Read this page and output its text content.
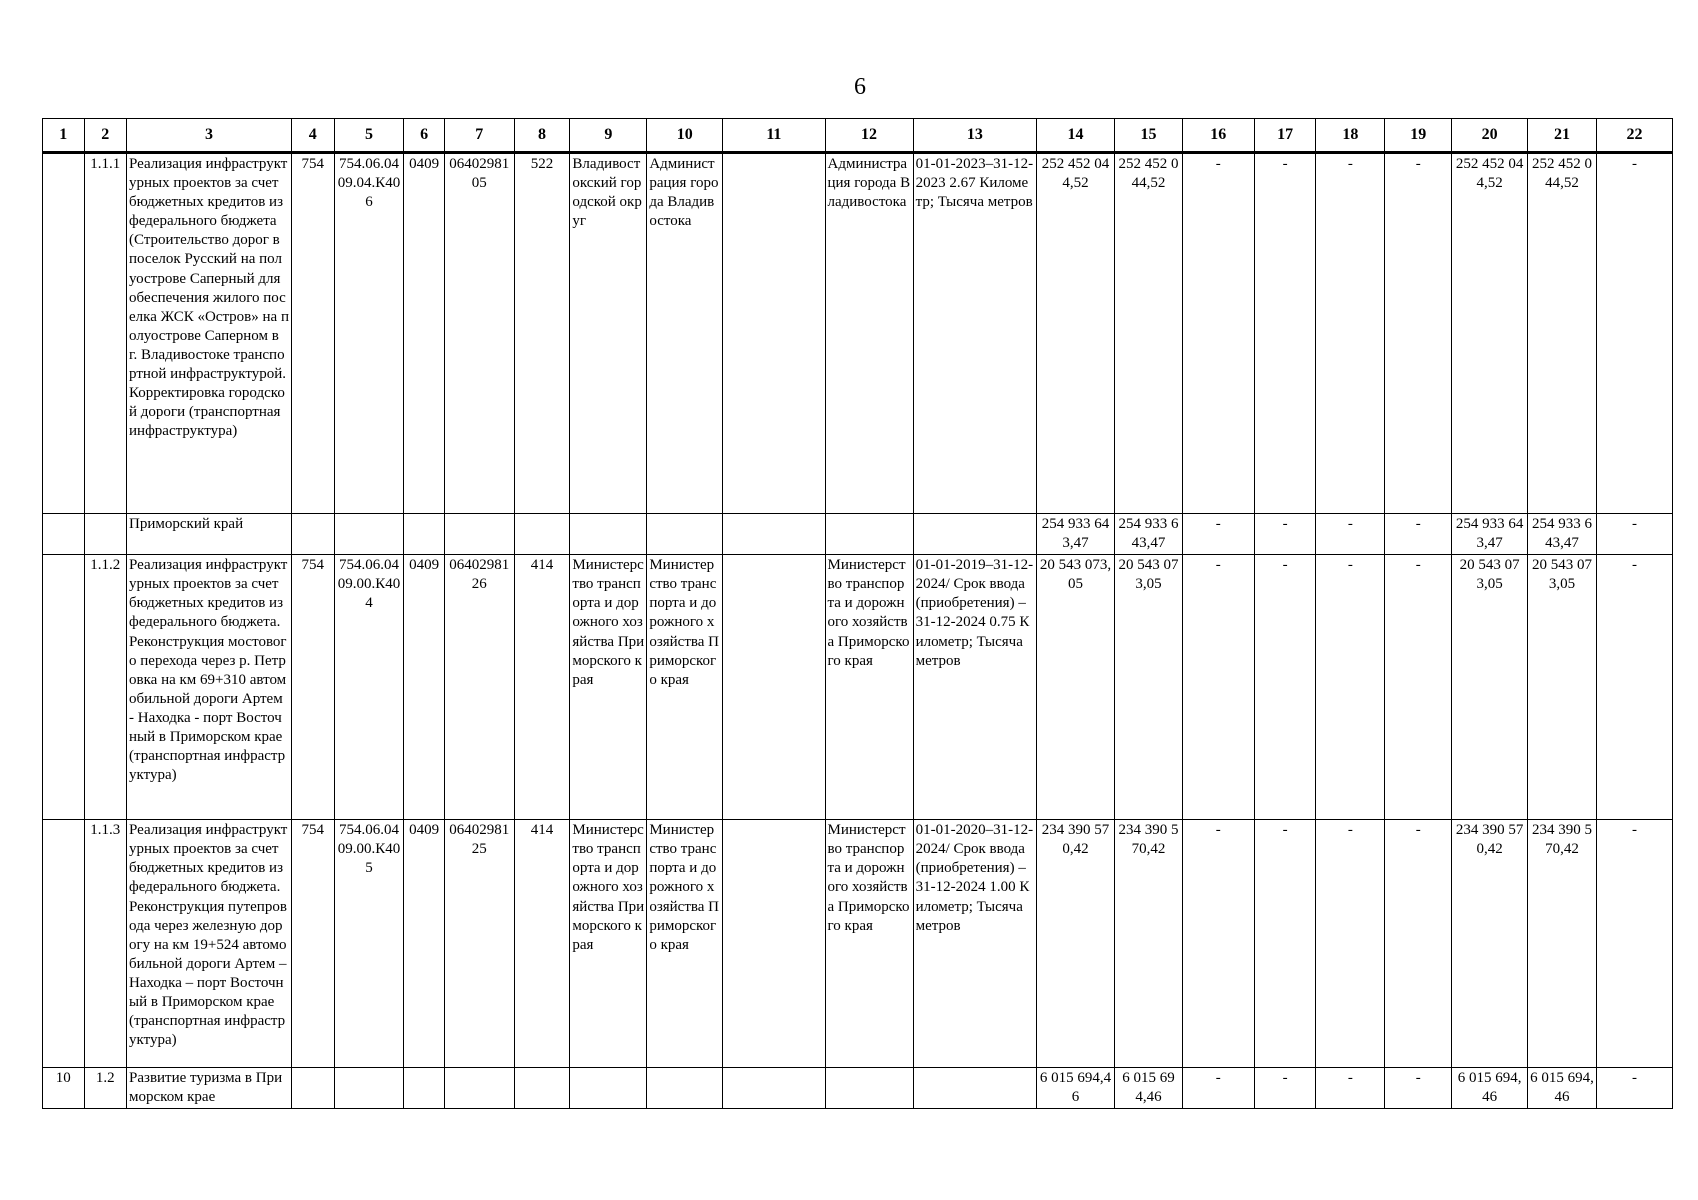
6
1	2	3	4	5	6	7	8	9	10	11	12	13	14	15	16	17	18	19	20	21	22
	1.1.1	Реализация инфраструктурных проектов за счет бюджетных кредитов из федерального бюджета (Строительство дорог в поселок Русский на полуострове Саперный для обеспечения жилого поселка ЖСК «Остров» на полуострове Саперном в г. Владивостоке транспортной инфраструктурой. Корректировка городской дороги (транспортная инфраструктура)	754	754.06.0409.04.К406	0409	0640298105	522	Владивостокский городской округ	Администрация города Владивостока		Администрация города Владивостока	01-01-2023–31-12-2023 2.67 Километр; Тысяча метров	252 452 044,52	252 452 044,52	-	-	-	-	252 452 044,52	252 452 044,52	-
		Приморский край											254 933 643,47	254 933 643,47	-	-	-	-	254 933 643,47	254 933 643,47	-
	1.1.2	Реализация инфраструктурных проектов за счет бюджетных кредитов из федерального бюджета. Реконструкция мостового перехода через р. Петровка на км 69+310 автомобильной дороги Артем - Находка - порт Восточный в Приморском крае (транспортная инфраструктура)	754	754.06.0409.00.К404	0409	0640298126	414	Министерство транспорта и дорожного хозяйства Приморского края	Министерство транспорта и дорожного хозяйства Приморского края		Министерство транспорта и дорожного хозяйства Приморского края	01-01-2019–31-12-2024/ Срок ввода (приобретения) – 31-12-2024 0.75 Километр; Тысяча метров	20 543 073,05	20 543 073,05	-	-	-	-	20 543 073,05	20 543 073,05	-
	1.1.3	Реализация инфраструктурных проектов за счет бюджетных кредитов из федерального бюджета. Реконструкция путепровода через железную дорогу на км 19+524 автомобильной дороги Артем – Находка – порт Восточный в Приморском крае (транспортная инфраструктура)	754	754.06.0409.00.К405	0409	0640298125	414	Министерство транспорта и дорожного хозяйства Приморского края	Министерство транспорта и дорожного хозяйства Приморского края		Министерство транспорта и дорожного хозяйства Приморского края	01-01-2020–31-12-2024/ Срок ввода (приобретения) – 31-12-2024 1.00 Километр; Тысяча метров	234 390 570,42	234 390 570,42	-	-	-	-	234 390 570,42	234 390 570,42	-
10	1.2	Развитие туризма в Приморском крае											6 015 694,46	6 015 694,46	-	-	-	-	6 015 694,46	6 015 694,46	-
